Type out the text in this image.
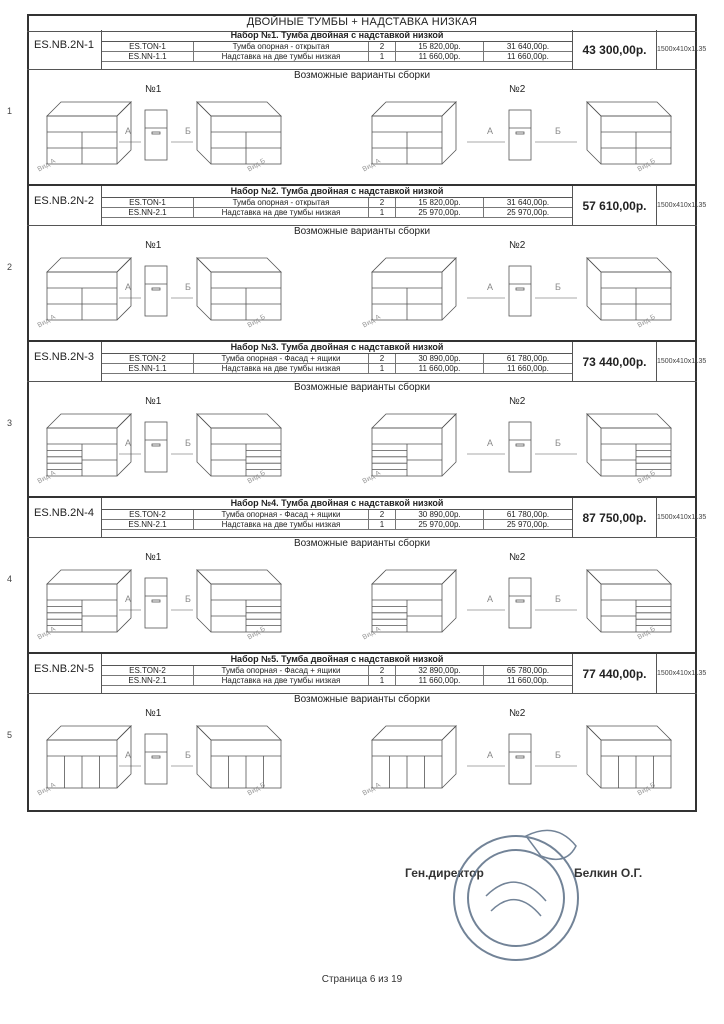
ДВОЙНЫЕ ТУМБЫ + НАДСТАВКА НИЗКАЯ
1
ES.NB.2N-1
Набор №1. Тумба двойная с надставкой низкой
ES.TON-1	Тумба опорная - открытая	2	15 820,00р.	31 640,00р.
ES.NN-1.1	Надставка на две тумбы низкая	1	11 660,00р.	11 660,00р.	43 300,00р.	1500x410x1135
Возможные варианты сборки
№1	№2
А	Б	А	Б
Вид А	Вид Б	Вид А	Вид Б
2
ES.NB.2N-2
Набор №2. Тумба двойная с надставкой низкой
ES.TON-1	Тумба опорная - открытая	2	15 820,00р.	31 640,00р.
ES.NN-2.1	Надставка на две тумбы низкая	1	25 970,00р.	25 970,00р.	57 610,00р.	1500x410x1135
Возможные варианты сборки
№1	№2
А	Б	А	Б
Вид А	Вид Б	Вид А	Вид Б
3
ES.NB.2N-3
Набор №3. Тумба двойная с надставкой низкой
ES.TON-2	Тумба опорная - Фасад + ящики	2	30 890,00р.	61 780,00р.
ES.NN-1.1	Надставка на две тумбы низкая	1	11 660,00р.	11 660,00р.	73 440,00р.	1500x410x1135
Возможные варианты сборки
№1	№2
А	Б	А	Б
Вид А	Вид Б	Вид А	Вид Б
4
ES.NB.2N-4
Набор №4. Тумба двойная с надставкой низкой
ES.TON-2	Тумба опорная - Фасад + ящики	2	30 890,00р.	61 780,00р.
ES.NN-2.1	Надставка на две тумбы низкая	1	25 970,00р.	25 970,00р.	87 750,00р.	1500x410x1135
Возможные варианты сборки
№1	№2
А	Б	А	Б
Вид А	Вид Б	Вид А	Вид Б
5
ES.NB.2N-5
Набор №5. Тумба двойная с надставкой низкой
ES.TON-2	Тумба опорная - Фасад + ящики	2	32 890,00р.	65 780,00р.
ES.NN-2.1	Надставка на две тумбы низкая	1	11 660,00р.	11 660,00р.	77 440,00р.	1500x410x1135
Возможные варианты сборки
№1	№2
А	Б	А	Б
Вид А	Вид Б	Вид А	Вид Б
Ген.директор	Белкин О.Г.
Страница 6 из 19
